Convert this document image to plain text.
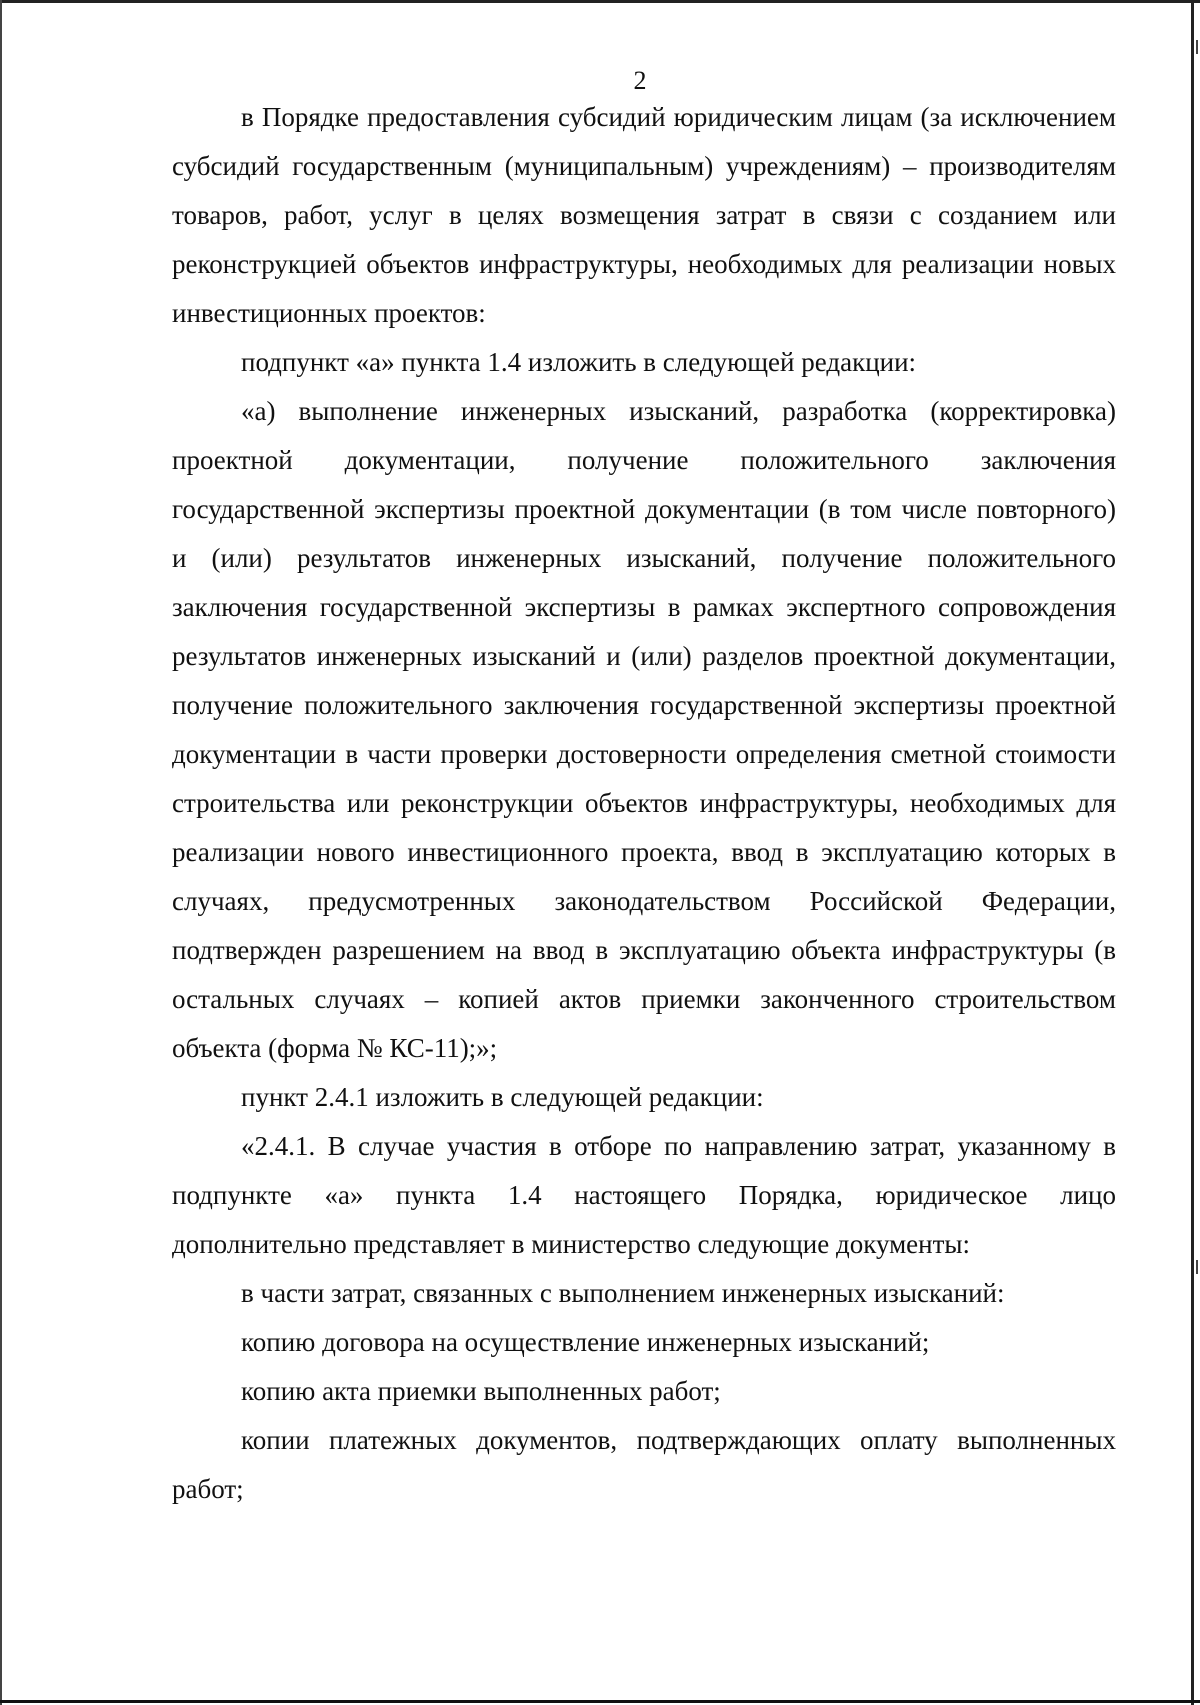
2

в Порядке предоставления субсидий юридическим лицам (за исключением субсидий государственным (муниципальным) учреждениям) – производителям товаров, работ, услуг в целях возмещения затрат в связи с созданием или реконструкцией объектов инфраструктуры, необходимых для реализации новых инвестиционных проектов:

подпункт «а» пункта 1.4 изложить в следующей редакции:

«а) выполнение инженерных изысканий, разработка (корректировка) проектной документации, получение положительного заключения государственной экспертизы проектной документации (в том числе повторного) и (или) результатов инженерных изысканий, получение положительного заключения государственной экспертизы в рамках экспертного сопровождения результатов инженерных изысканий и (или) разделов проектной документации, получение положительного заключения государственной экспертизы проектной документации в части проверки достоверности определения сметной стоимости строительства или реконструкции объектов инфраструктуры, необходимых для реализации нового инвестиционного проекта, ввод в эксплуатацию которых в случаях, предусмотренных законодательством Российской Федерации, подтвержден разрешением на ввод в эксплуатацию объекта инфраструктуры (в остальных случаях – копией актов приемки законченного строительством объекта (форма № КС-11);»;

пункт 2.4.1 изложить в следующей редакции:

«2.4.1. В случае участия в отборе по направлению затрат, указанному в подпункте «а» пункта 1.4 настоящего Порядка, юридическое лицо дополнительно представляет в министерство следующие документы:

в части затрат, связанных с выполнением инженерных изысканий:

копию договора на осуществление инженерных изысканий;

копию акта приемки выполненных работ;

копии платежных документов, подтверждающих оплату выполненных работ;
